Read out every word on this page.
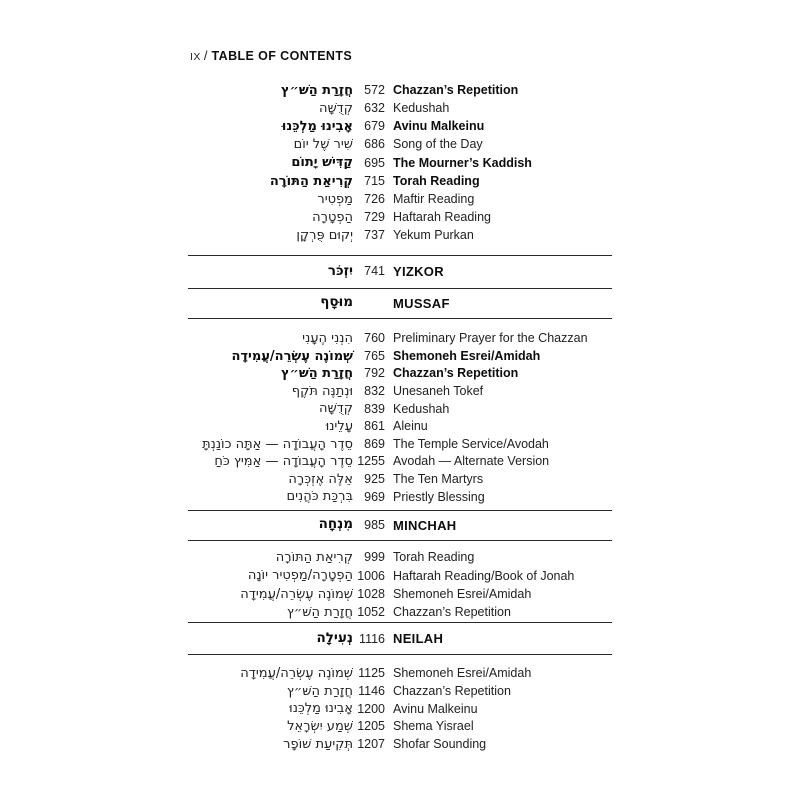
IX / TABLE OF CONTENTS
חֲזָרַת הַשּׁ״ץ 572 Chazzan’s Repetition
קְדֻשָּׁה 632 Kedushah
אָבִינוּ מַלְכֵּנוּ 679 Avinu Malkeinu
שִׁיר שֶׁל יוֹם 686 Song of the Day
קַדִּישׁ יָתוֹם 695 The Mourner’s Kaddish
קְרִיאַת הַתּוֹרָה 715 Torah Reading
מַפְטִיר 726 Maftir Reading
הַפְטָרָה 729 Haftarah Reading
יְקוּם פֻּרְקָן 737 Yekum Purkan
יִזְכֹּר 741 YIZKOR
מוּסָף	MUSSAF
הִנְנִי הֶעָנִי 760 Preliminary Prayer for the Chazzan
שְׁמוֹנֶה עֶשְׂרֵה/עֲמִידָה 765 Shemoneh Esrei/Amidah
חֲזָרַת הַשּׁ״ץ 792 Chazzan’s Repetition
וּנְתַנֶּה תֹּקֶף 832 Unesaneh Tokef
קְדֻשָּׁה 839 Kedushah
עָלֵינוּ 861 Aleinu
סֵדֶר הָעֲבוֹדָה — אַתָּה כוֹנַנְתָּ 869 The Temple Service/Avodah
סֵדֶר הָעֲבוֹדָה — אַמִּיץ כֹּחַ 1255 Avodah — Alternate Version
אֵלֶּה אֶזְכְּרָה 925 The Ten Martyrs
בִּרְכַּת כֹּהֲנִים 969 Priestly Blessing
מִנְחָה 985 MINCHAH
קְרִיאַת הַתּוֹרָה 999 Torah Reading
הַפְטָרָה/מַפְטִיר יוֹנָה 1006 Haftarah Reading/Book of Jonah
שְׁמוֹנֶה עֶשְׂרֵה/עֲמִידָה 1028 Shemoneh Esrei/Amidah
חֲזָרַת הַשּׁ״ץ 1052 Chazzan’s Repetition
נְעִילָה 1116 NEILAH
שְׁמוֹנֶה עֶשְׂרֵה/עֲמִידָה 1125 Shemoneh Esrei/Amidah
חֲזָרַת הַשּׁ״ץ 1146 Chazzan’s Repetition
אָבִינוּ מַלְכֵּנוּ 1200 Avinu Malkeinu
שְׁמַע יִשְׂרָאֵל 1205 Shema Yisrael
תְּקִיעַת שׁוֹפָר 1207 Shofar Sounding
